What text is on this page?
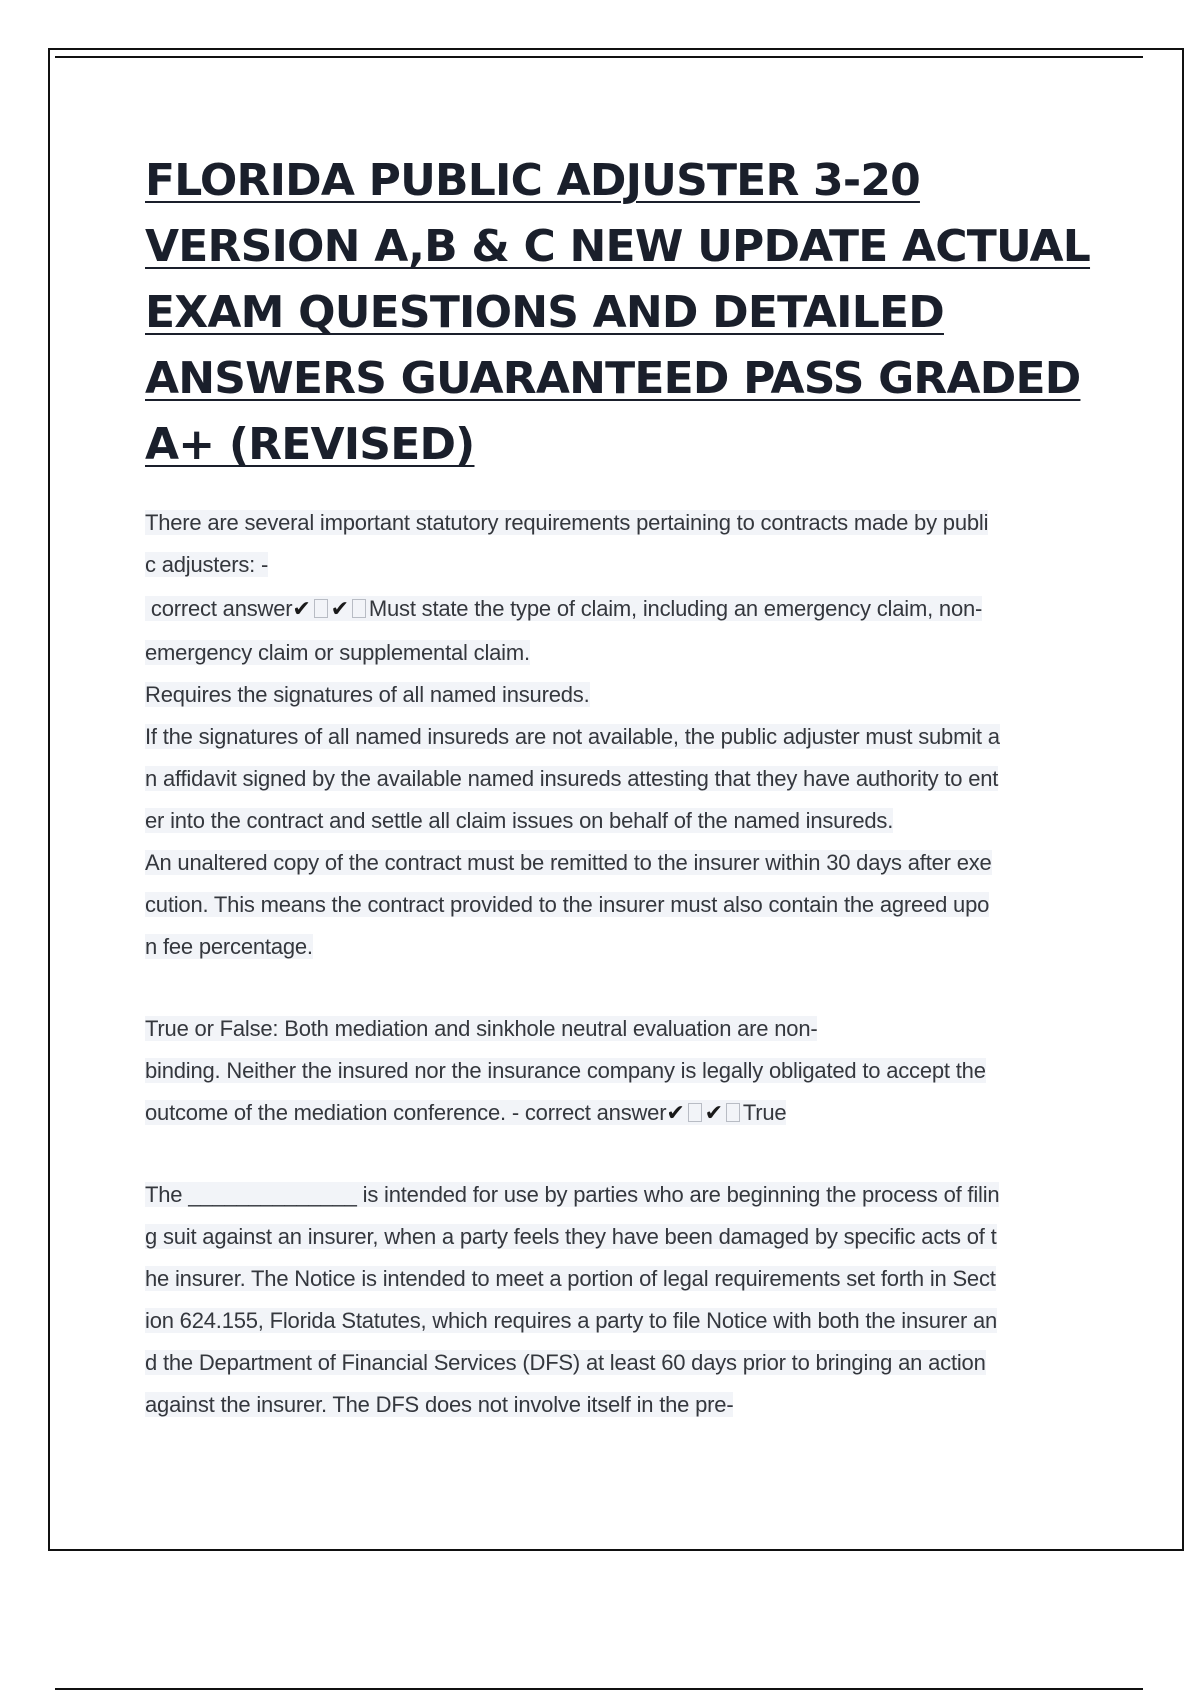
FLORIDA PUBLIC ADJUSTER 3-20
VERSION A,B & C NEW UPDATE ACTUAL
EXAM QUESTIONS AND DETAILED
ANSWERS GUARANTEED PASS GRADED
A+ (REVISED)
There are several important statutory requirements pertaining to contracts made by publi
c adjusters: -
correct answer✔ ✔ Must state the type of claim, including an emergency claim, non-
emergency claim or supplemental claim.
Requires the signatures of all named insureds.
If the signatures of all named insureds are not available, the public adjuster must submit a
n affidavit signed by the available named insureds attesting that they have authority to ent
er into the contract and settle all claim issues on behalf of the named insureds.
An unaltered copy of the contract must be remitted to the insurer within 30 days after exe
cution. This means the contract provided to the insurer must also contain the agreed upo
n fee percentage.
True or False: Both mediation and sinkhole neutral evaluation are non-
binding. Neither the insured nor the insurance company is legally obligated to accept the
outcome of the mediation conference. - correct answer✔ ✔ True
The ______________ is intended for use by parties who are beginning the process of filin
g suit against an insurer, when a party feels they have been damaged by specific acts of t
he insurer. The Notice is intended to meet a portion of legal requirements set forth in Sect
ion 624.155, Florida Statutes, which requires a party to file Notice with both the insurer an
d the Department of Financial Services (DFS) at least 60 days prior to bringing an action
against the insurer. The DFS does not involve itself in the pre-
